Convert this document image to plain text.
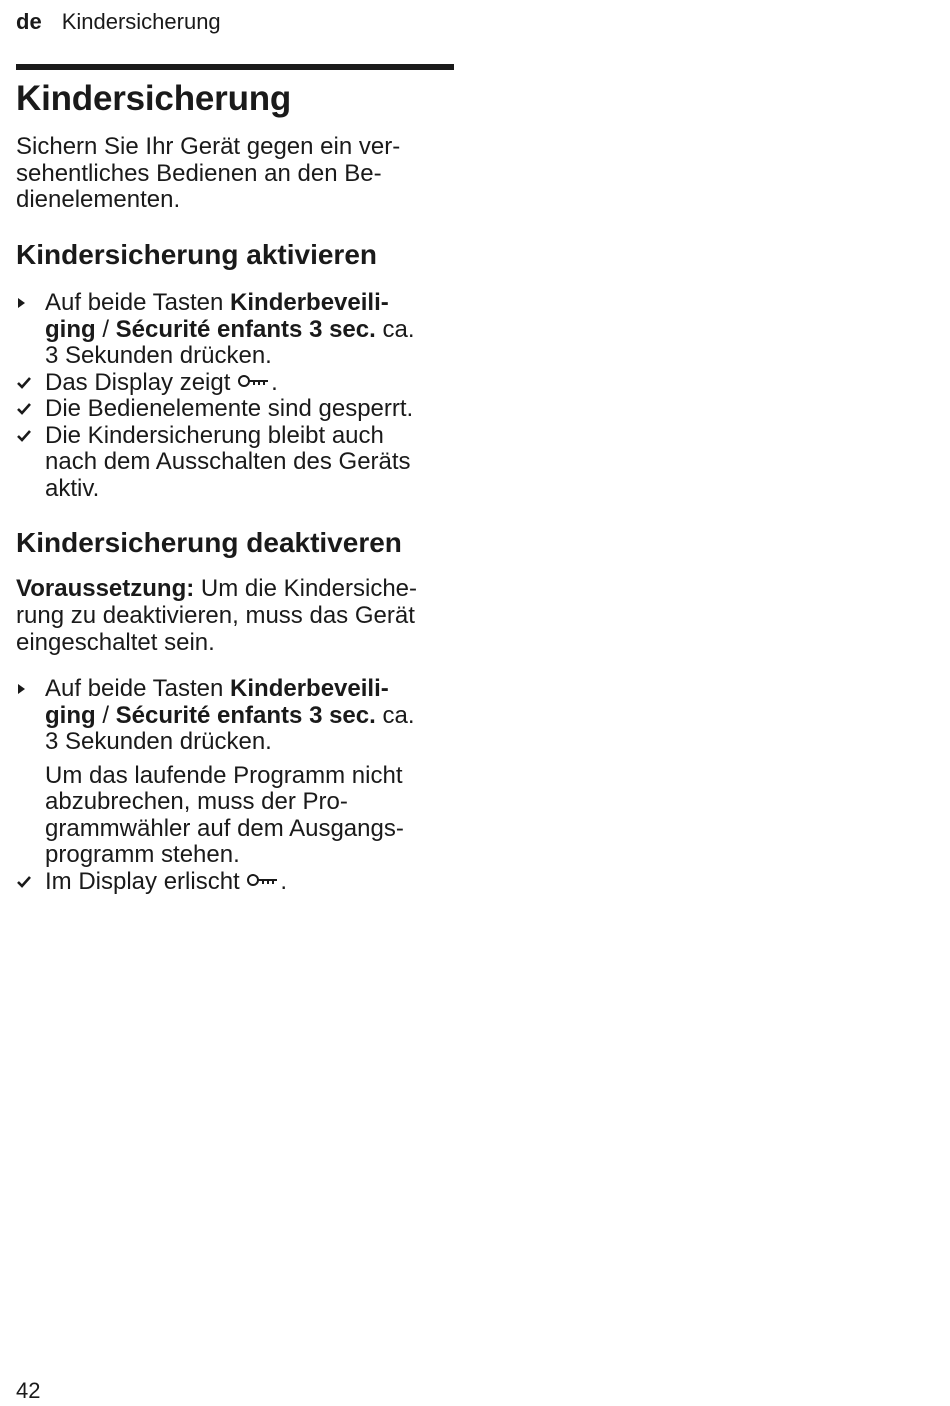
de Kindersicherung
Kindersicherung

Sichern Sie Ihr Gerät gegen ein ver-
sehentliches Bedienen an den Be-
dienelementen.

Kindersicherung aktivieren
Auf beide Tasten Kinderbeveili-
ging / Sécurité enfants 3 sec. ca.
3 Sekunden drücken.
Das Display zeigt .
Die Bedienelemente sind gesperrt.
Die Kindersicherung bleibt auch
nach dem Ausschalten des Geräts
aktiv.
Kindersicherung deaktiveren

Voraussetzung: Um die Kindersiche-
rung zu deaktivieren, muss das Gerät
eingeschaltet sein.

Auf beide Tasten Kinderbeveili-
ging / Sécurité enfants 3 sec. ca.
3 Sekunden drücken.
Um das laufende Programm nicht
abzubrechen, muss der Pro-
grammwähler auf dem Ausgangs-
programm stehen.
Im Display erlischt .
42
